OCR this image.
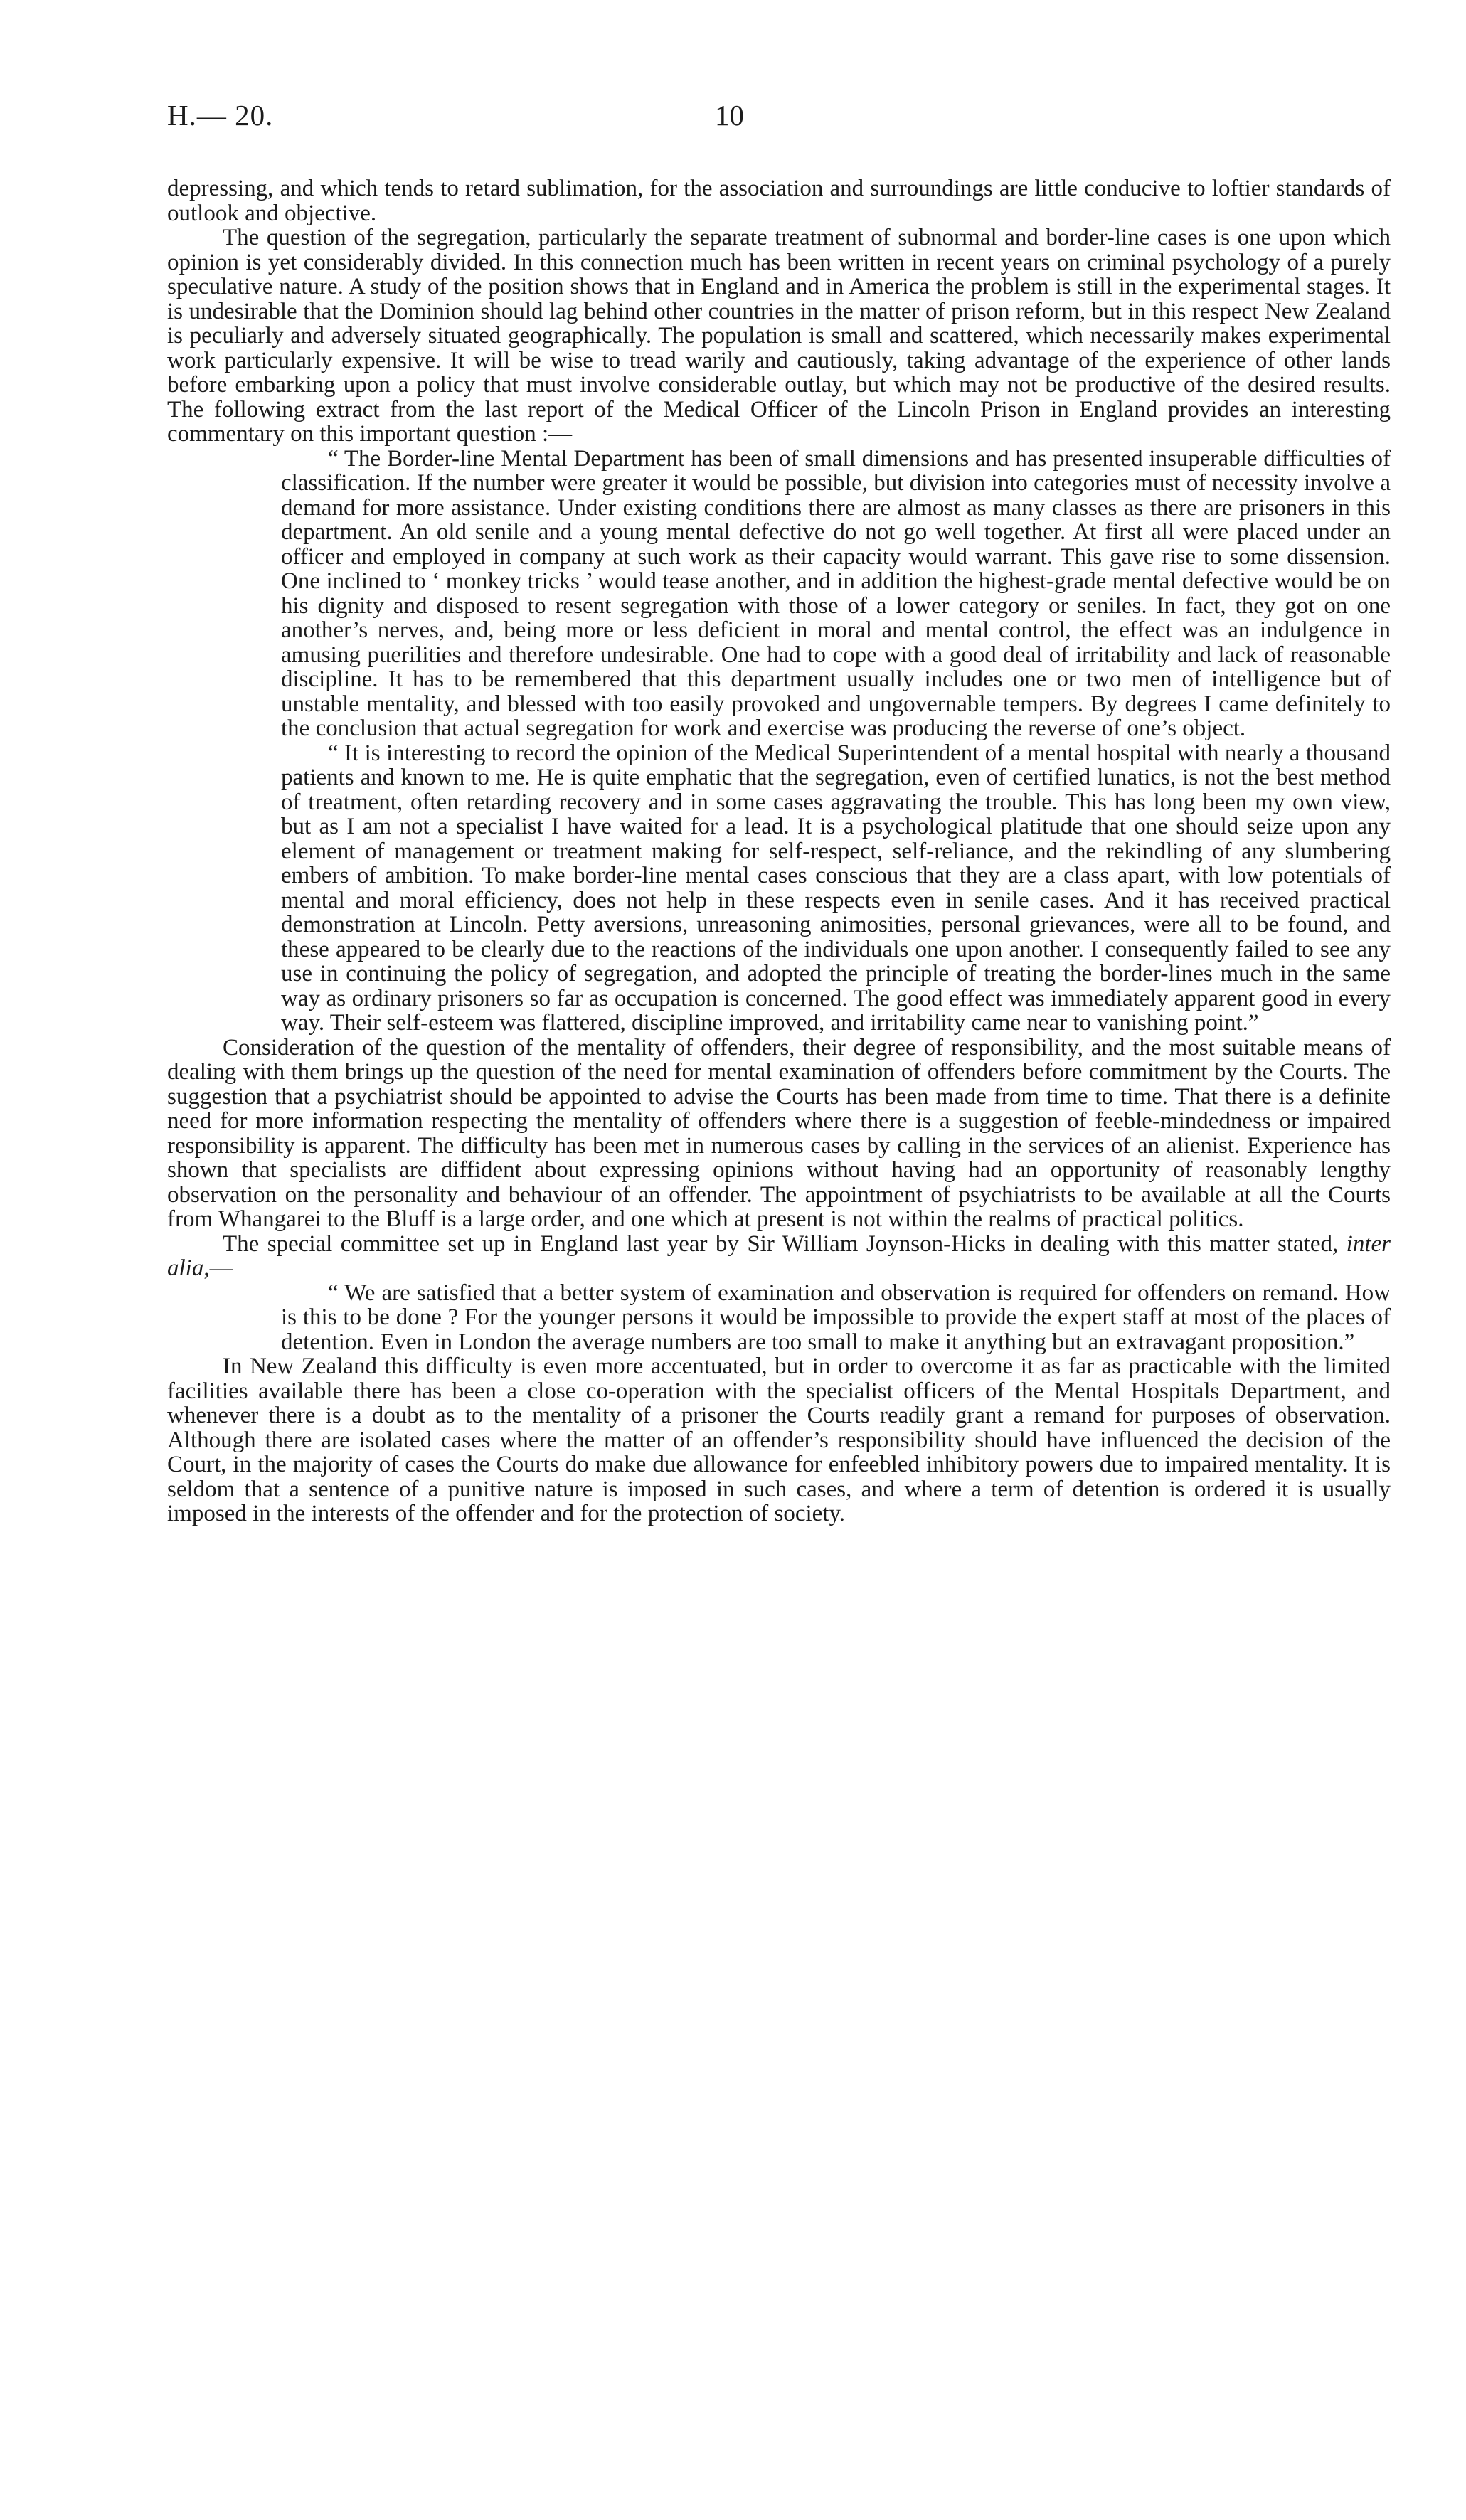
H.— 20.	10

depressing, and which tends to retard sublimation, for the association and surroundings are little conducive to loftier standards of outlook and objective.

The question of the segregation, particularly the separate treatment of subnormal and border-line cases is one upon which opinion is yet considerably divided. In this connection much has been written in recent years on criminal psychology of a purely speculative nature. A study of the position shows that in England and in America the problem is still in the experimental stages. It is undesirable that the Dominion should lag behind other countries in the matter of prison reform, but in this respect New Zealand is peculiarly and adversely situated geographically. The population is small and scattered, which necessarily makes experimental work particularly expensive. It will be wise to tread warily and cautiously, taking advantage of the experience of other lands before embarking upon a policy that must involve considerable outlay, but which may not be productive of the desired results. The following extract from the last report of the Medical Officer of the Lincoln Prison in England provides an interesting commentary on this important question :—

“ The Border-line Mental Department has been of small dimensions and has presented insuperable difficulties of classification. If the number were greater it would be possible, but division into categories must of necessity involve a demand for more assistance. Under existing conditions there are almost as many classes as there are prisoners in this department. An old senile and a young mental defective do not go well together. At first all were placed under an officer and employed in company at such work as their capacity would warrant. This gave rise to some dissension. One inclined to ‘ monkey tricks ’ would tease another, and in addition the highest-grade mental defective would be on his dignity and disposed to resent segregation with those of a lower category or seniles. In fact, they got on one another’s nerves, and, being more or less deficient in moral and mental control, the effect was an indulgence in amusing puerilities and therefore undesirable. One had to cope with a good deal of irritability and lack of reasonable discipline. It has to be remembered that this department usually includes one or two men of intelligence but of unstable mentality, and blessed with too easily provoked and ungovernable tempers. By degrees I came definitely to the conclusion that actual segregation for work and exercise was producing the reverse of one’s object.

“ It is interesting to record the opinion of the Medical Superintendent of a mental hospital with nearly a thousand patients and known to me. He is quite emphatic that the segregation, even of certified lunatics, is not the best method of treatment, often retarding recovery and in some cases aggravating the trouble. This has long been my own view, but as I am not a specialist I have waited for a lead. It is a psychological platitude that one should seize upon any element of management or treatment making for self-respect, self-reliance, and the rekindling of any slumbering embers of ambition. To make border-line mental cases conscious that they are a class apart, with low potentials of mental and moral efficiency, does not help in these respects even in senile cases. And it has received practical demonstration at Lincoln. Petty aversions, unreasoning animosities, personal grievances, were all to be found, and these appeared to be clearly due to the reactions of the individuals one upon another. I consequently failed to see any use in continuing the policy of segregation, and adopted the principle of treating the border-lines much in the same way as ordinary prisoners so far as occupation is concerned. The good effect was immediately apparent good in every way. Their self-esteem was flattered, discipline improved, and irritability came near to vanishing point.”

Consideration of the question of the mentality of offenders, their degree of responsibility, and the most suitable means of dealing with them brings up the question of the need for mental examination of offenders before commitment by the Courts. The suggestion that a psychiatrist should be appointed to advise the Courts has been made from time to time. That there is a definite need for more information respecting the mentality of offenders where there is a suggestion of feeble-mindedness or impaired responsibility is apparent. The difficulty has been met in numerous cases by calling in the services of an alienist. Experience has shown that specialists are diffident about expressing opinions without having had an opportunity of reasonably lengthy observation on the personality and behaviour of an offender. The appointment of psychiatrists to be available at all the Courts from Whangarei to the Bluff is a large order, and one which at present is not within the realms of practical politics.

The special committee set up in England last year by Sir William Joynson-Hicks in dealing with this matter stated, inter alia,—

“ We are satisfied that a better system of examination and observation is required for offenders on remand. How is this to be done ? For the younger persons it would be impossible to provide the expert staff at most of the places of detention. Even in London the average numbers are too small to make it anything but an extravagant proposition.”

In New Zealand this difficulty is even more accentuated, but in order to overcome it as far as practicable with the limited facilities available there has been a close co-operation with the specialist officers of the Mental Hospitals Department, and whenever there is a doubt as to the mentality of a prisoner the Courts readily grant a remand for purposes of observation. Although there are isolated cases where the matter of an offender’s responsibility should have influenced the decision of the Court, in the majority of cases the Courts do make due allowance for enfeebled inhibitory powers due to impaired mentality. It is seldom that a sentence of a punitive nature is imposed in such cases, and where a term of detention is ordered it is usually imposed in the interests of the offender and for the protection of society.
